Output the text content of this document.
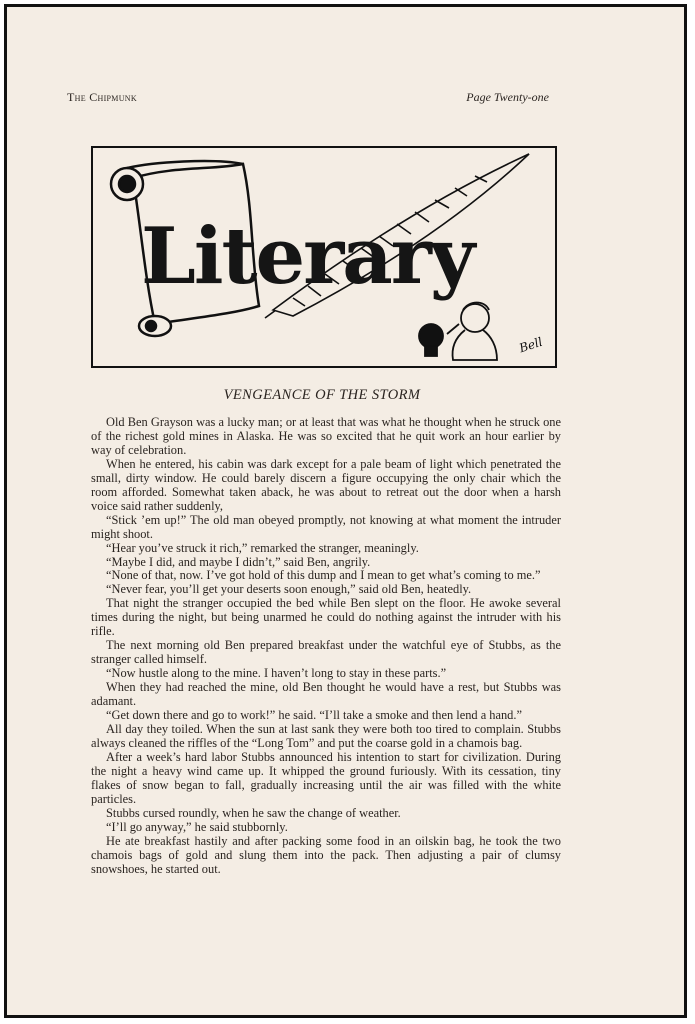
The Chipmunk	Page Twenty-one
Literary
Bell
VENGEANCE OF THE STORM

Old Ben Grayson was a lucky man; or at least that was what he thought when he struck one of the richest gold mines in Alaska. He was so excited that he quit work an hour earlier by way of celebration.

When he entered, his cabin was dark except for a pale beam of light which penetrated the small, dirty window. He could barely discern a figure occupying the only chair which the room afforded. Somewhat taken aback, he was about to retreat out the door when a harsh voice said rather suddenly,

“Stick ’em up!” The old man obeyed promptly, not knowing at what moment the intruder might shoot.

“Hear you’ve struck it rich,” remarked the stranger, meaningly.

“Maybe I did, and maybe I didn’t,” said Ben, angrily.

“None of that, now. I’ve got hold of this dump and I mean to get what’s coming to me.”

“Never fear, you’ll get your deserts soon enough,” said old Ben, heatedly.

That night the stranger occupied the bed while Ben slept on the floor. He awoke several times during the night, but being unarmed he could do nothing against the intruder with his rifle.

The next morning old Ben prepared breakfast under the watchful eye of Stubbs, as the stranger called himself.

“Now hustle along to the mine. I haven’t long to stay in these parts.”

When they had reached the mine, old Ben thought he would have a rest, but Stubbs was adamant.

“Get down there and go to work!” he said. “I’ll take a smoke and then lend a hand.”

All day they toiled. When the sun at last sank they were both too tired to complain. Stubbs always cleaned the riffles of the “Long Tom” and put the coarse gold in a chamois bag.

After a week’s hard labor Stubbs announced his intention to start for civilization. During the night a heavy wind came up. It whipped the ground furiously. With its cessation, tiny flakes of snow began to fall, gradually increasing until the air was filled with the white particles.

Stubbs cursed roundly, when he saw the change of weather.

“I’ll go anyway,” he said stubbornly.

He ate breakfast hastily and after packing some food in an oilskin bag, he took the two chamois bags of gold and slung them into the pack. Then adjusting a pair of clumsy snowshoes, he started out.
